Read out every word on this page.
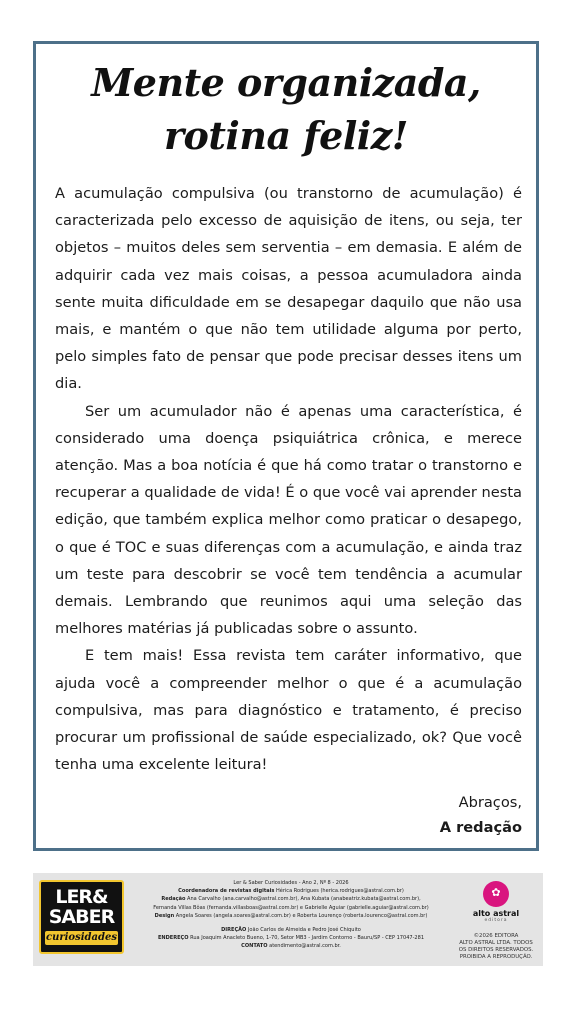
Mente organizada,
rotina feliz!

A acumulação compulsiva (ou transtorno de acumulação) é caracterizada pelo excesso de aquisição de itens, ou seja, ter objetos – muitos deles sem serventia – em demasia. E além de adquirir cada vez mais coisas, a pessoa acumuladora ainda sente muita dificuldade em se desapegar daquilo que não usa mais, e mantém o que não tem utilidade alguma por perto, pelo simples fato de pensar que pode precisar desses itens um dia.

Ser um acumulador não é apenas uma característica, é considerado uma doença psiquiátrica crônica, e merece atenção. Mas a boa notícia é que há como tratar o transtorno e recuperar a qualidade de vida! É o que você vai aprender nesta edição, que também explica melhor como praticar o desapego, o que é TOC e suas diferenças com a acumulação, e ainda traz um teste para descobrir se você tem tendência a acumular demais. Lembrando que reunimos aqui uma seleção das melhores matérias já publicadas sobre o assunto.

E tem mais! Essa revista tem caráter informativo, que ajuda você a compreender melhor o que é a acumulação compulsiva, mas para diagnóstico e tratamento, é preciso procurar um profissional de saúde especializado, ok? Que você tenha uma excelente leitura!

Abraços,
A redação
LER&
SABER
curiosidades
Ler & Saber Curiosidades - Ano 2, Nº 8 - 2026
Coordenadora de revistas digitais Hérica Rodrigues (herica.rodrigues@astral.com.br)
Redação Ana Carvalho (ana.carvalho@astral.com.br), Ana Kubata (anabeatriz.kubata@astral.com.br),
Fernanda Villas Bôas (fernanda.villasboas@astral.com.br) e Gabrielle Aguiar (gabrielle.aguiar@astral.com.br)
Design Angela Soares (angela.soares@astral.com.br) e Roberta Lourenço (roberta.lourenco@astral.com.br)
DIREÇÃO João Carlos de Almeida e Pedro José Chiquito
ENDEREÇO Rua Joaquim Anacleto Bueno, 1-70, Setor MB3 - Jardim Contorno - Bauru/SP - CEP 17047-281
CONTATO atendimento@astral.com.br.
✿
alto astral
editora
©2026 EDITORA
ALTO ASTRAL LTDA. TODOS
OS DIREITOS RESERVADOS.
PROIBIDA A REPRODUÇÃO.
